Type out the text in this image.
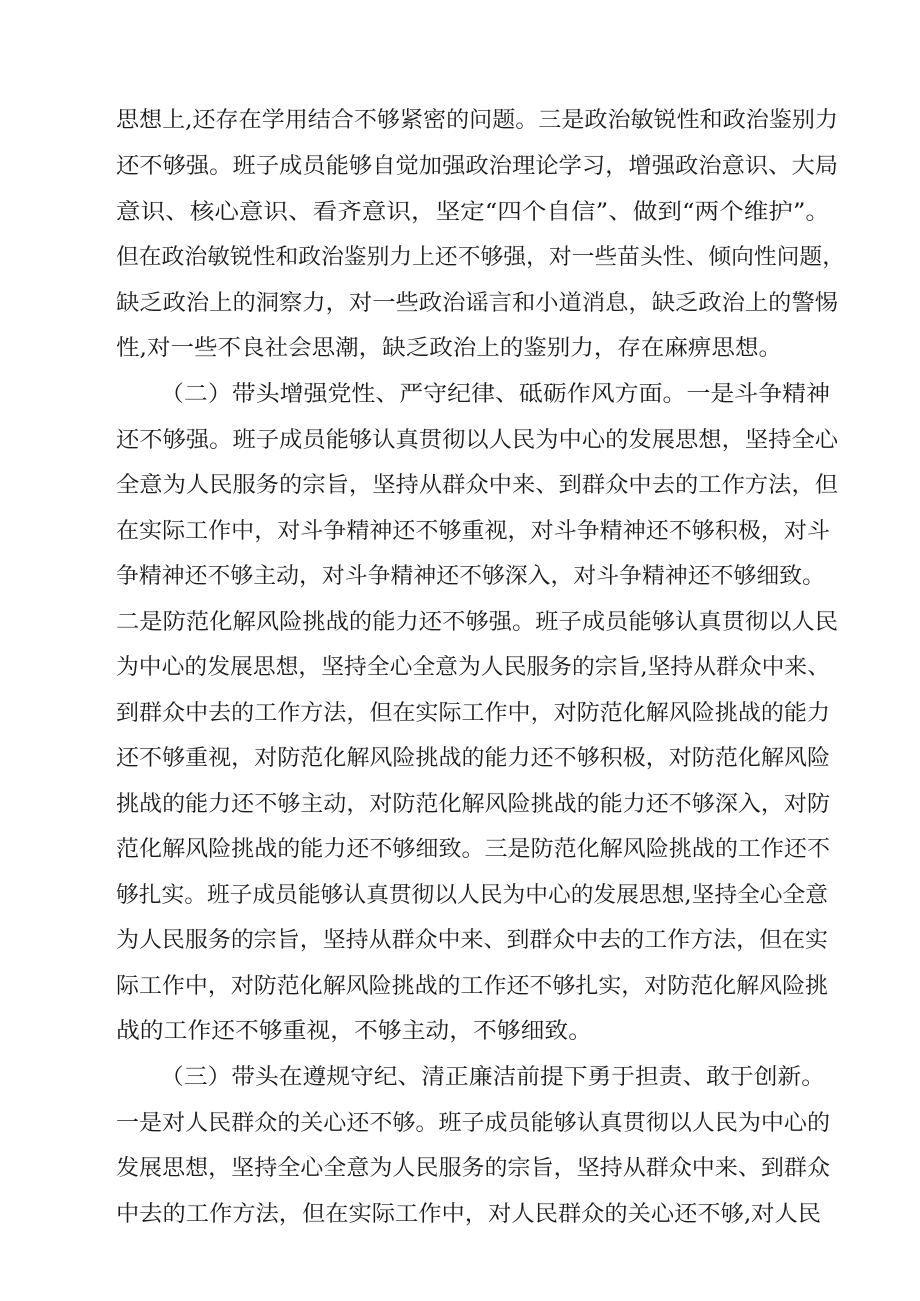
思想上,还存在学用结合不够紧密的问题。三是政治敏锐性和政治鉴别力

还不够强。班子成员能够自觉加强政治理论学习，增强政治意识、大局

意识、核心意识、看齐意识，坚定“四个自信”、做到“两个维护”。

但在政治敏锐性和政治鉴别力上还不够强，对一些苗头性、倾向性问题，

缺乏政治上的洞察力，对一些政治谣言和小道消息，缺乏政治上的警惕

性,对一些不良社会思潮，缺乏政治上的鉴别力，存在麻痹思想。

（二）带头增强党性、严守纪律、砥砺作风方面。一是斗争精神

还不够强。班子成员能够认真贯彻以人民为中心的发展思想，坚持全心

全意为人民服务的宗旨，坚持从群众中来、到群众中去的工作方法，但

在实际工作中，对斗争精神还不够重视，对斗争精神还不够积极，对斗

争精神还不够主动，对斗争精神还不够深入，对斗争精神还不够细致。

二是防范化解风险挑战的能力还不够强。班子成员能够认真贯彻以人民

为中心的发展思想，坚持全心全意为人民服务的宗旨,坚持从群众中来、

到群众中去的工作方法，但在实际工作中，对防范化解风险挑战的能力

还不够重视，对防范化解风险挑战的能力还不够积极，对防范化解风险

挑战的能力还不够主动，对防范化解风险挑战的能力还不够深入，对防

范化解风险挑战的能力还不够细致。三是防范化解风险挑战的工作还不

够扎实。班子成员能够认真贯彻以人民为中心的发展思想,坚持全心全意

为人民服务的宗旨，坚持从群众中来、到群众中去的工作方法，但在实

际工作中，对防范化解风险挑战的工作还不够扎实，对防范化解风险挑

战的工作还不够重视，不够主动，不够细致。

（三）带头在遵规守纪、清正廉洁前提下勇于担责、敢于创新。

一是对人民群众的关心还不够。班子成员能够认真贯彻以人民为中心的

发展思想，坚持全心全意为人民服务的宗旨，坚持从群众中来、到群众

中去的工作方法，但在实际工作中，对人民群众的关心还不够,对人民
